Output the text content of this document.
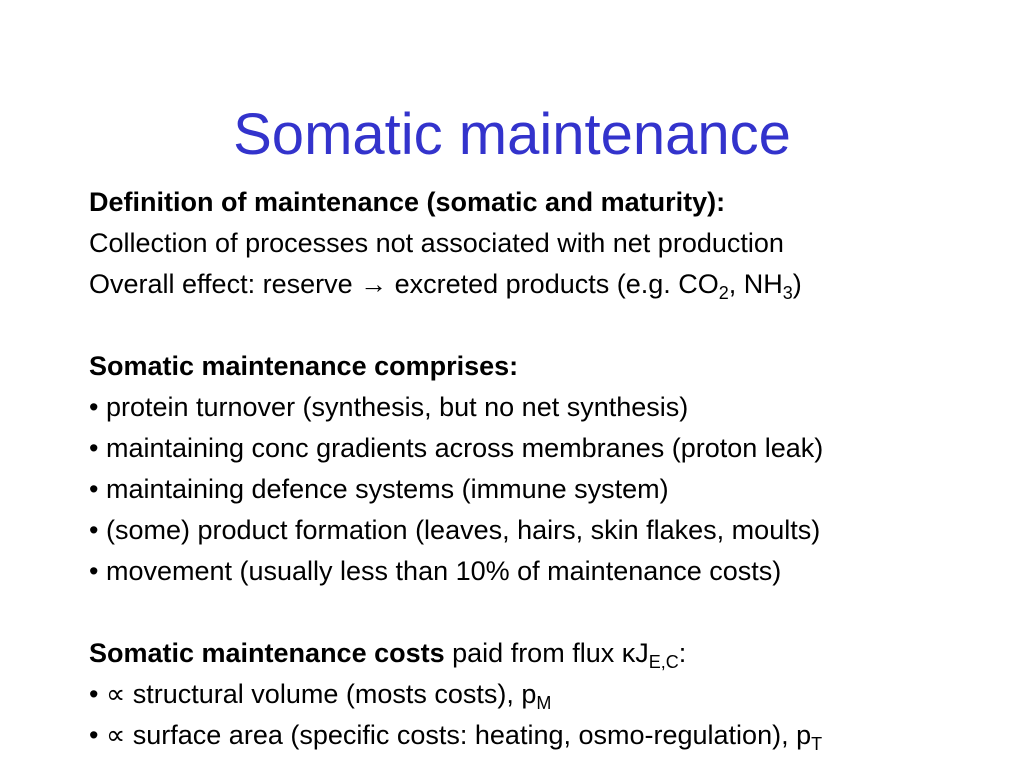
Somatic maintenance
Definition of maintenance (somatic and maturity):
Collection of processes not associated with net production
Overall effect: reserve → excreted products (e.g. $CO_2$, $NH_3$)
Somatic maintenance comprises:
• protein turnover (synthesis, but no net synthesis)
• maintaining conc gradients across membranes (proton leak)
• maintaining defence systems (immune system)
• (some) product formation (leaves, hairs, skin flakes, moults)
• movement (usually less than 10% of maintenance costs)
Somatic maintenance costs paid from flux $\kappa J_{E,C}$:
• ∝ structural volume (mosts costs), $p_M$
• ∝ surface area (specific costs: heating, osmo-regulation), $p_T$
